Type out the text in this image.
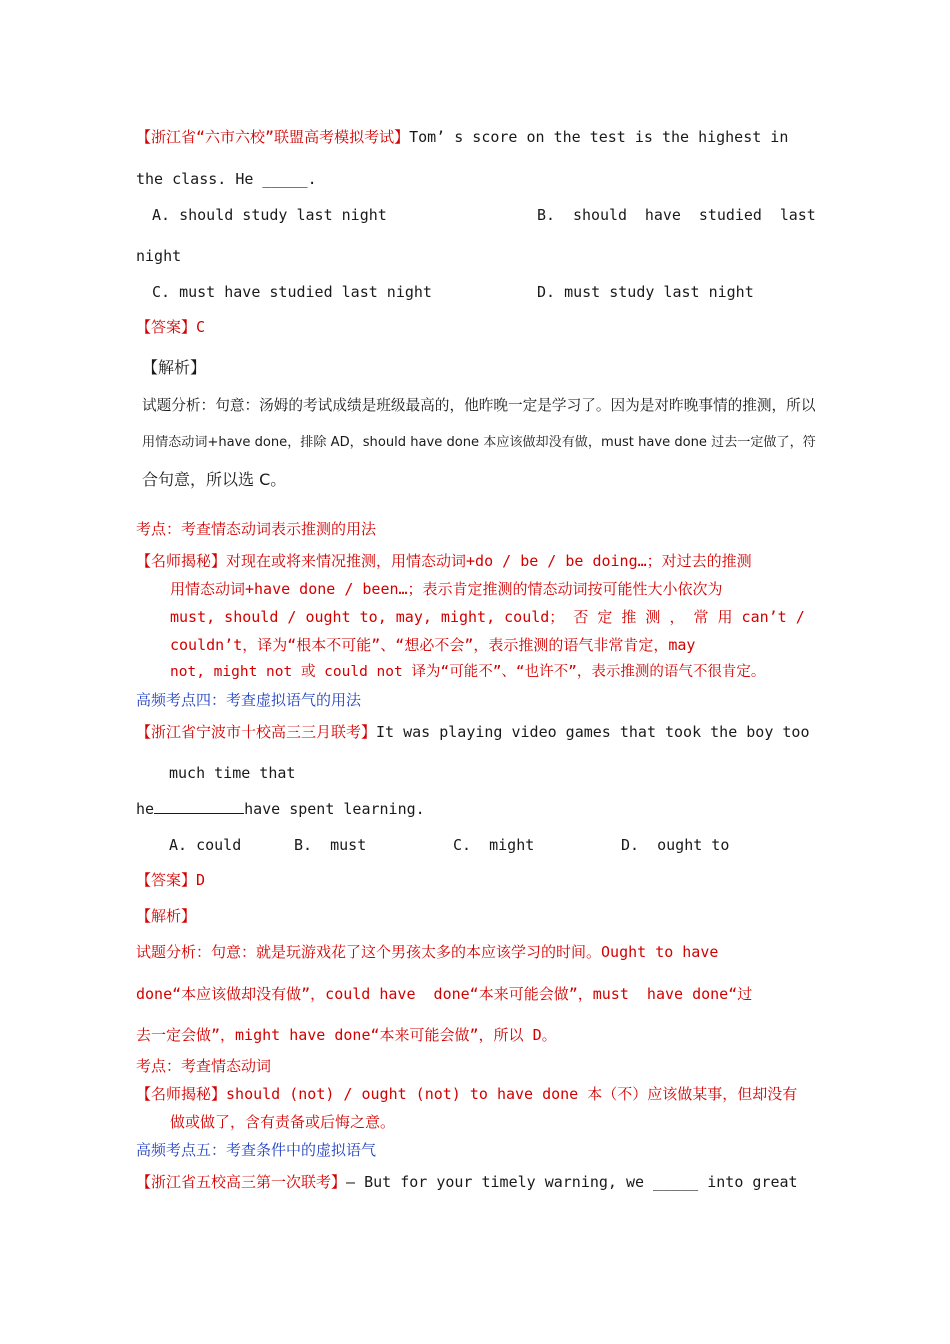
【浙江省“六市六校”联盟高考模拟考试】Tom’ s score on the test is the highest in
the class. He _____.
A. should study last night	B.  should  have  studied  last
night
C. must have studied last night	D. must study last night
【答案】C
【解析】
试题分析：句意：汤姆的考试成绩是班级最高的，他昨晚一定是学习了。因为是对昨晚事情的推测，所以
用情态动词+have done，排除 AD，should have done 本应该做却没有做，must have done 过去一定做了，符
合句意，所以选 C。
考点：考查情态动词表示推测的用法
【名师揭秘】对现在或将来情况推测，用情态动词+do / be / be doing…；对过去的推测
用情态动词+have done / been…；表示肯定推测的情态动词按可能性大小依次为
must, should / ought to, may, might, could； 否 定 推 测 ， 常 用 can’t /
couldn’t，译为“根本不可能”、“想必不会”，表示推测的语气非常肯定，may
not, might not 或 could not 译为“可能不”、“也许不”，表示推测的语气不很肯定。
高频考点四：考查虚拟语气的用法
【浙江省宁波市十校高三三月联考】It was playing video games that took the boy too
much time that
he	have spent learning.
A. could	B.  must	C.  might	D.  ought to
【答案】D
【解析】
试题分析：句意：就是玩游戏花了这个男孩太多的本应该学习的时间。Ought to have
done“本应该做却没有做”，could have  done“本来可能会做”，must  have done“过
去一定会做”，might have done“本来可能会做”，所以 D。
考点：考查情态动词
【名师揭秘】should (not) / ought (not) to have done 本（不）应该做某事，但却没有
做或做了，含有责备或后悔之意。
高频考点五：考查条件中的虚拟语气
【浙江省五校高三第一次联考】— But for your timely warning, we _____ into great
